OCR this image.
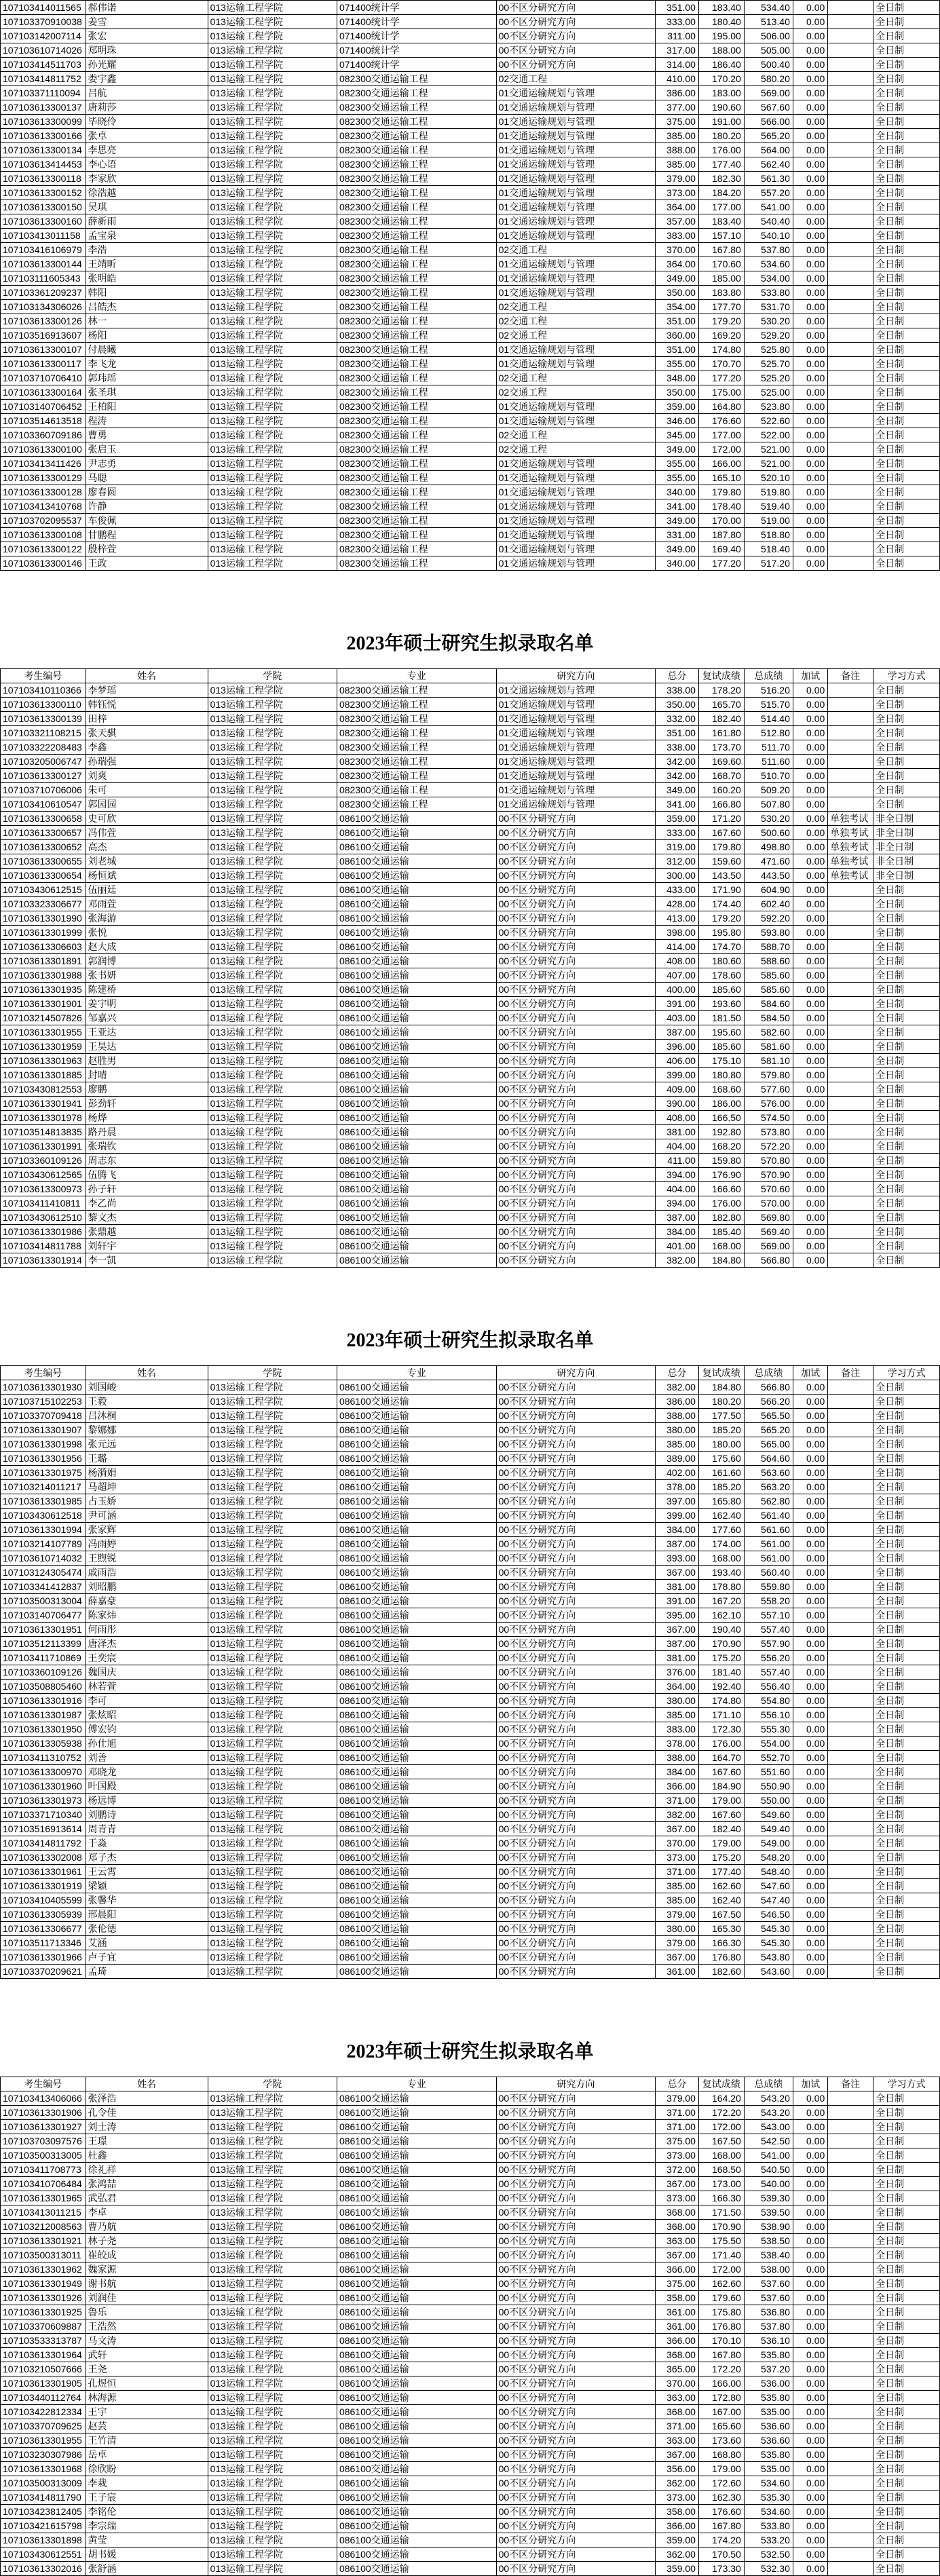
107103414011565	郝伟诺	013运输工程学院	071400统计学	00不区分研究方向	351.00	183.40	534.40	0.00		全日制
107103370910038	姜雪	013运输工程学院	071400统计学	00不区分研究方向	333.00	180.40	513.40	0.00		全日制
107103142007114	张宏	013运输工程学院	071400统计学	00不区分研究方向	311.00	195.00	506.00	0.00		全日制
107103610714026	郑明珠	013运输工程学院	071400统计学	00不区分研究方向	317.00	188.00	505.00	0.00		全日制
107103414511703	孙光耀	013运输工程学院	071400统计学	00不区分研究方向	314.00	186.40	500.40	0.00		全日制
107103414811752	娄宇鑫	013运输工程学院	082300交通运输工程	02交通工程	410.00	170.20	580.20	0.00		全日制
107103371110094	吕航	013运输工程学院	082300交通运输工程	01交通运输规划与管理	386.00	183.00	569.00	0.00		全日制
107103613300137	唐莉莎	013运输工程学院	082300交通运输工程	01交通运输规划与管理	377.00	190.60	567.60	0.00		全日制
107103613300099	毕晓伶	013运输工程学院	082300交通运输工程	01交通运输规划与管理	375.00	191.00	566.00	0.00		全日制
107103613300166	张卓	013运输工程学院	082300交通运输工程	01交通运输规划与管理	385.00	180.20	565.20	0.00		全日制
107103613300134	李思亮	013运输工程学院	082300交通运输工程	01交通运输规划与管理	388.00	176.00	564.00	0.00		全日制
107103613414453	李心语	013运输工程学院	082300交通运输工程	01交通运输规划与管理	385.00	177.40	562.40	0.00		全日制
107103613300118	李家欣	013运输工程学院	082300交通运输工程	01交通运输规划与管理	379.00	182.30	561.30	0.00		全日制
107103613300152	徐浩越	013运输工程学院	082300交通运输工程	01交通运输规划与管理	373.00	184.20	557.20	0.00		全日制
107103613300150	吴琪	013运输工程学院	082300交通运输工程	01交通运输规划与管理	364.00	177.00	541.00	0.00		全日制
107103613300160	薛新雨	013运输工程学院	082300交通运输工程	01交通运输规划与管理	357.00	183.40	540.40	0.00		全日制
107103413011158	孟宝泉	013运输工程学院	082300交通运输工程	01交通运输规划与管理	383.00	157.10	540.10	0.00		全日制
107103416106979	李浩	013运输工程学院	082300交通运输工程	02交通工程	370.00	167.80	537.80	0.00		全日制
107103613300144	王靖昕	013运输工程学院	082300交通运输工程	01交通运输规划与管理	364.00	170.60	534.60	0.00		全日制
107103111605343	张明皓	013运输工程学院	082300交通运输工程	01交通运输规划与管理	349.00	185.00	534.00	0.00		全日制
107103361209237	韩阳	013运输工程学院	082300交通运输工程	01交通运输规划与管理	350.00	183.80	533.80	0.00		全日制
107103134306026	吕皓杰	013运输工程学院	082300交通运输工程	02交通工程	354.00	177.70	531.70	0.00		全日制
107103613300126	林一	013运输工程学院	082300交通运输工程	02交通工程	351.00	179.20	530.20	0.00		全日制
107103516913607	杨阳	013运输工程学院	082300交通运输工程	02交通工程	360.00	169.20	529.20	0.00		全日制
107103613300107	付晨曦	013运输工程学院	082300交通运输工程	01交通运输规划与管理	351.00	174.80	525.80	0.00		全日制
107103613300117	李飞龙	013运输工程学院	082300交通运输工程	01交通运输规划与管理	355.00	170.70	525.70	0.00		全日制
107103710706410	郭玮瑶	013运输工程学院	082300交通运输工程	02交通工程	348.00	177.20	525.20	0.00		全日制
107103613300164	张圣琪	013运输工程学院	082300交通运输工程	02交通工程	350.00	175.00	525.00	0.00		全日制
107103140706452	王柏阳	013运输工程学院	082300交通运输工程	01交通运输规划与管理	359.00	164.80	523.80	0.00		全日制
107103514613518	程涛	013运输工程学院	082300交通运输工程	01交通运输规划与管理	346.00	176.60	522.60	0.00		全日制
107103360709186	曹勇	013运输工程学院	082300交通运输工程	02交通工程	345.00	177.00	522.00	0.00		全日制
107103613300100	张启玉	013运输工程学院	082300交通运输工程	02交通工程	349.00	172.00	521.00	0.00		全日制
107103413411426	尹志勇	013运输工程学院	082300交通运输工程	01交通运输规划与管理	355.00	166.00	521.00	0.00		全日制
107103613300129	马聪	013运输工程学院	082300交通运输工程	01交通运输规划与管理	355.00	165.10	520.10	0.00		全日制
107103613300128	廖春圆	013运输工程学院	082300交通运输工程	01交通运输规划与管理	340.00	179.80	519.80	0.00		全日制
107103413410768	许静	013运输工程学院	082300交通运输工程	01交通运输规划与管理	341.00	178.40	519.40	0.00		全日制
107103702095537	车俊佩	013运输工程学院	082300交通运输工程	01交通运输规划与管理	349.00	170.00	519.00	0.00		全日制
107103613300108	甘鹏程	013运输工程学院	082300交通运输工程	01交通运输规划与管理	331.00	187.80	518.80	0.00		全日制
107103613300122	殷梓萱	013运输工程学院	082300交通运输工程	01交通运输规划与管理	349.00	169.40	518.40	0.00		全日制
107103613300146	王政	013运输工程学院	082300交通运输工程	01交通运输规划与管理	340.00	177.20	517.20	0.00		全日制
2023年硕士研究生拟录取名单
考生编号	姓名	学院	专业	研究方向	总分	复试成绩	总成绩	加试	备注	学习方式
107103410110366	李梦瑶	013运输工程学院	082300交通运输工程	01交通运输规划与管理	338.00	178.20	516.20	0.00		全日制
107103613300110	韩钰悦	013运输工程学院	082300交通运输工程	01交通运输规划与管理	350.00	165.70	515.70	0.00		全日制
107103613300139	田梓	013运输工程学院	082300交通运输工程	01交通运输规划与管理	332.00	182.40	514.40	0.00		全日制
107103321108215	张天骐	013运输工程学院	082300交通运输工程	01交通运输规划与管理	351.00	161.80	512.80	0.00		全日制
107103322208483	李鑫	013运输工程学院	082300交通运输工程	01交通运输规划与管理	338.00	173.70	511.70	0.00		全日制
107103205006747	孙瑞强	013运输工程学院	082300交通运输工程	01交通运输规划与管理	342.00	169.60	511.60	0.00		全日制
107103613300127	刘爽	013运输工程学院	082300交通运输工程	01交通运输规划与管理	342.00	168.70	510.70	0.00		全日制
107103710706006	朱可	013运输工程学院	082300交通运输工程	01交通运输规划与管理	349.00	160.20	509.20	0.00		全日制
107103410610547	郭园园	013运输工程学院	082300交通运输工程	01交通运输规划与管理	341.00	166.80	507.80	0.00		全日制
107103613300658	史可欣	013运输工程学院	086100交通运输	00不区分研究方向	359.00	171.20	530.20	0.00	单独考试	非全日制
107103613300657	冯伟萱	013运输工程学院	086100交通运输	00不区分研究方向	333.00	167.60	500.60	0.00	单独考试	非全日制
107103613300652	高杰	013运输工程学院	086100交通运输	00不区分研究方向	319.00	179.80	498.80	0.00	单独考试	非全日制
107103613300655	刘老城	013运输工程学院	086100交通运输	00不区分研究方向	312.00	159.60	471.60	0.00	单独考试	非全日制
107103613300654	杨恒斌	013运输工程学院	086100交通运输	00不区分研究方向	300.00	143.50	443.50	0.00	单独考试	非全日制
107103430612515	伍丽廷	013运输工程学院	086100交通运输	00不区分研究方向	433.00	171.90	604.90	0.00		全日制
107103323306677	邓雨萱	013运输工程学院	086100交通运输	00不区分研究方向	428.00	174.40	602.40	0.00		全日制
107103613301990	张海游	013运输工程学院	086100交通运输	00不区分研究方向	413.00	179.20	592.20	0.00		全日制
107103613301999	张悦	013运输工程学院	086100交通运输	00不区分研究方向	398.00	195.80	593.80	0.00		全日制
107103613306603	赵大成	013运输工程学院	086100交通运输	00不区分研究方向	414.00	174.70	588.70	0.00		全日制
107103613301891	郭润博	013运输工程学院	086100交通运输	00不区分研究方向	408.00	180.60	588.60	0.00		全日制
107103613301988	张书妍	013运输工程学院	086100交通运输	00不区分研究方向	407.00	178.60	585.60	0.00		全日制
107103613301935	陈建桥	013运输工程学院	086100交通运输	00不区分研究方向	400.00	185.60	585.60	0.00		全日制
107103613301901	姜宇明	013运输工程学院	086100交通运输	00不区分研究方向	391.00	193.60	584.60	0.00		全日制
107103214507826	邹嘉兴	013运输工程学院	086100交通运输	00不区分研究方向	403.00	181.50	584.50	0.00		全日制
107103613301955	王亚达	013运输工程学院	086100交通运输	00不区分研究方向	387.00	195.60	582.60	0.00		全日制
107103613301959	王昊达	013运输工程学院	086100交通运输	00不区分研究方向	396.00	185.60	581.60	0.00		全日制
107103613301963	赵胜男	013运输工程学院	086100交通运输	00不区分研究方向	406.00	175.10	581.10	0.00		全日制
107103613301885	封晴	013运输工程学院	086100交通运输	00不区分研究方向	399.00	180.80	579.80	0.00		全日制
107103430812553	廖鹏	013运输工程学院	086100交通运输	00不区分研究方向	409.00	168.60	577.60	0.00		全日制
107103613301941	彭劲轩	013运输工程学院	086100交通运输	00不区分研究方向	390.00	186.00	576.00	0.00		全日制
107103613301978	杨烨	013运输工程学院	086100交通运输	00不区分研究方向	408.00	166.50	574.50	0.00		全日制
107103514813835	路丹晨	013运输工程学院	086100交通运输	00不区分研究方向	381.00	192.80	573.80	0.00		全日制
107103613301991	张瑞钦	013运输工程学院	086100交通运输	00不区分研究方向	404.00	168.20	572.20	0.00		全日制
107103360109126	周志东	013运输工程学院	086100交通运输	00不区分研究方向	411.00	159.80	570.80	0.00		全日制
107103430612565	伍腾飞	013运输工程学院	086100交通运输	00不区分研究方向	394.00	176.90	570.90	0.00		全日制
107103613300973	孙子轩	013运输工程学院	086100交通运输	00不区分研究方向	404.00	166.60	570.60	0.00		全日制
107103411410811	李乙尚	013运输工程学院	086100交通运输	00不区分研究方向	394.00	176.00	570.00	0.00		全日制
107103430612510	黎文杰	013运输工程学院	086100交通运输	00不区分研究方向	387.00	182.80	569.80	0.00		全日制
107103613301986	张鼎越	013运输工程学院	086100交通运输	00不区分研究方向	384.00	185.40	569.40	0.00		全日制
107103414811788	刘轩宇	013运输工程学院	086100交通运输	00不区分研究方向	401.00	168.00	569.00	0.00		全日制
107103613301914	李一凯	013运输工程学院	086100交通运输	00不区分研究方向	382.00	184.80	566.80	0.00		全日制
2023年硕士研究生拟录取名单
考生编号	姓名	学院	专业	研究方向	总分	复试成绩	总成绩	加试	备注	学习方式
107103613301930	刘国峻	013运输工程学院	086100交通运输	00不区分研究方向	382.00	184.80	566.80	0.00		全日制
107103715102253	王毅	013运输工程学院	086100交通运输	00不区分研究方向	386.00	180.20	566.20	0.00		全日制
107103370709418	吕沐桐	013运输工程学院	086100交通运输	00不区分研究方向	388.00	177.50	565.50	0.00		全日制
107103613301907	黎娜娜	013运输工程学院	086100交通运输	00不区分研究方向	380.00	185.20	565.20	0.00		全日制
107103613301998	张元远	013运输工程学院	086100交通运输	00不区分研究方向	385.00	180.00	565.00	0.00		全日制
107103613301956	王璐	013运输工程学院	086100交通运输	00不区分研究方向	389.00	175.60	564.60	0.00		全日制
107103613301975	杨漪娟	013运输工程学院	086100交通运输	00不区分研究方向	402.00	161.60	563.60	0.00		全日制
107103214011217	马超坤	013运输工程学院	086100交通运输	00不区分研究方向	378.00	185.20	563.20	0.00		全日制
107103613301985	占玉娇	013运输工程学院	086100交通运输	00不区分研究方向	397.00	165.80	562.80	0.00		全日制
107103430612518	尹可涵	013运输工程学院	086100交通运输	00不区分研究方向	399.00	162.40	561.40	0.00		全日制
107103613301994	张家辉	013运输工程学院	086100交通运输	00不区分研究方向	384.00	177.60	561.60	0.00		全日制
107103214107789	冯雨婷	013运输工程学院	086100交通运输	00不区分研究方向	387.00	174.00	561.00	0.00		全日制
107103610714032	王煦锐	013运输工程学院	086100交通运输	00不区分研究方向	393.00	168.00	561.00	0.00		全日制
107103124305474	戚雨浩	013运输工程学院	086100交通运输	00不区分研究方向	367.00	193.40	560.40	0.00		全日制
107103341412837	刘昭鹏	013运输工程学院	086100交通运输	00不区分研究方向	381.00	178.80	559.80	0.00		全日制
107103500313004	薛嘉豪	013运输工程学院	086100交通运输	00不区分研究方向	391.00	167.20	558.20	0.00		全日制
107103140706477	陈家炜	013运输工程学院	086100交通运输	00不区分研究方向	395.00	162.10	557.10	0.00		全日制
107103613301951	何雨彤	013运输工程学院	086100交通运输	00不区分研究方向	367.00	190.40	557.40	0.00		全日制
107103512113399	唐泽杰	013运输工程学院	086100交通运输	00不区分研究方向	387.00	170.90	557.90	0.00		全日制
107103411710869	王奕宸	013运输工程学院	086100交通运输	00不区分研究方向	381.00	175.20	556.20	0.00		全日制
107103360109126	魏国庆	013运输工程学院	086100交通运输	00不区分研究方向	376.00	181.40	557.40	0.00		全日制
107103508805460	林若萱	013运输工程学院	086100交通运输	00不区分研究方向	364.00	192.40	556.40	0.00		全日制
107103613301916	李可	013运输工程学院	086100交通运输	00不区分研究方向	380.00	174.80	554.80	0.00		全日制
107103613301987	张炫昭	013运输工程学院	086100交通运输	00不区分研究方向	385.00	171.10	556.10	0.00		全日制
107103613301950	傅宏钧	013运输工程学院	086100交通运输	00不区分研究方向	383.00	172.30	555.30	0.00		全日制
107103613305938	孙仕旭	013运输工程学院	086100交通运输	00不区分研究方向	378.00	176.00	554.00	0.00		全日制
107103411310752	刘善	013运输工程学院	086100交通运输	00不区分研究方向	388.00	164.70	552.70	0.00		全日制
107103613300970	邓晓龙	013运输工程学院	086100交通运输	00不区分研究方向	384.00	167.60	551.60	0.00		全日制
107103613301960	叶国殿	013运输工程学院	086100交通运输	00不区分研究方向	366.00	184.90	550.90	0.00		全日制
107103613301973	杨远博	013运输工程学院	086100交通运输	00不区分研究方向	371.00	179.00	550.00	0.00		全日制
107103371710340	刘鹏诗	013运输工程学院	086100交通运输	00不区分研究方向	382.00	167.60	549.60	0.00		全日制
107103516913614	周青青	013运输工程学院	086100交通运输	00不区分研究方向	367.00	182.40	549.40	0.00		全日制
107103414811792	于淼	013运输工程学院	086100交通运输	00不区分研究方向	370.00	179.00	549.00	0.00		全日制
107103613302008	郑子杰	013运输工程学院	086100交通运输	00不区分研究方向	373.00	175.20	548.20	0.00		全日制
107103613301961	王云霄	013运输工程学院	086100交通运输	00不区分研究方向	371.00	177.40	548.40	0.00		全日制
107103613301919	梁颖	013运输工程学院	086100交通运输	00不区分研究方向	385.00	162.60	547.60	0.00		全日制
107103410405599	张馨华	013运输工程学院	086100交通运输	00不区分研究方向	385.00	162.40	547.40	0.00		全日制
107103613305939	邢晨阳	013运输工程学院	086100交通运输	00不区分研究方向	379.00	167.50	546.50	0.00		全日制
107103613306677	张伦德	013运输工程学院	086100交通运输	00不区分研究方向	380.00	165.30	545.30	0.00		全日制
107103511713346	艾涵	013运输工程学院	086100交通运输	00不区分研究方向	379.00	166.30	545.30	0.00		全日制
107103613301966	卢子宜	013运输工程学院	086100交通运输	00不区分研究方向	367.00	176.80	543.80	0.00		全日制
107103370209621	孟琦	013运输工程学院	086100交通运输	00不区分研究方向	361.00	182.60	543.60	0.00		全日制
2023年硕士研究生拟录取名单
考生编号	姓名	学院	专业	研究方向	总分	复试成绩	总成绩	加试	备注	学习方式
107103413406066	张泽浩	013运输工程学院	086100交通运输	00不区分研究方向	379.00	164.20	543.20	0.00		全日制
107103613301906	孔令佳	013运输工程学院	086100交通运输	00不区分研究方向	371.00	172.20	543.20	0.00		全日制
107103613301927	刘士涛	013运输工程学院	086100交通运输	00不区分研究方向	371.00	172.00	543.00	0.00		全日制
107103703097576	王璟	013运输工程学院	086100交通运输	00不区分研究方向	375.00	167.50	542.50	0.00		全日制
107103500313005	杜鑫	013运输工程学院	086100交通运输	00不区分研究方向	373.00	168.00	541.00	0.00		全日制
107103411708773	徐礼祥	013运输工程学院	086100交通运输	00不区分研究方向	372.00	168.50	540.50	0.00		全日制
107103410706484	张鸿喆	013运输工程学院	086100交通运输	00不区分研究方向	367.00	173.00	540.00	0.00		全日制
107103613301965	武弘君	013运输工程学院	086100交通运输	00不区分研究方向	373.00	166.30	539.30	0.00		全日制
107103413011215	李卓	013运输工程学院	086100交通运输	00不区分研究方向	368.00	171.50	539.50	0.00		全日制
107103212008563	曹乃航	013运输工程学院	086100交通运输	00不区分研究方向	368.00	170.90	538.90	0.00		全日制
107103613301921	林子尧	013运输工程学院	086100交通运输	00不区分研究方向	363.00	175.50	538.50	0.00		全日制
107103500313011	崔皎成	013运输工程学院	086100交通运输	00不区分研究方向	367.00	171.40	538.40	0.00		全日制
107103613301962	魏家源	013运输工程学院	086100交通运输	00不区分研究方向	366.00	172.00	538.00	0.00		全日制
107103613301949	谢书航	013运输工程学院	086100交通运输	00不区分研究方向	375.00	162.60	537.60	0.00		全日制
107103613301926	刘润佳	013运输工程学院	086100交通运输	00不区分研究方向	358.00	179.60	537.60	0.00		全日制
107103613301925	鲁乐	013运输工程学院	086100交通运输	00不区分研究方向	361.00	175.80	536.80	0.00		全日制
107103370609887	王浩然	013运输工程学院	086100交通运输	00不区分研究方向	361.00	176.80	537.80	0.00		全日制
107103533313787	马文涛	013运输工程学院	086100交通运输	00不区分研究方向	366.00	170.10	536.10	0.00		全日制
107103613301964	武轩	013运输工程学院	086100交通运输	00不区分研究方向	368.00	167.80	535.80	0.00		全日制
107103210507666	王尧	013运输工程学院	086100交通运输	00不区分研究方向	365.00	172.20	537.20	0.00		全日制
107103613301905	孔煜恒	013运输工程学院	086100交通运输	00不区分研究方向	370.00	166.00	536.00	0.00		全日制
107103440112764	林海源	013运输工程学院	086100交通运输	00不区分研究方向	363.00	172.80	535.80	0.00		全日制
107103422812334	王宇	013运输工程学院	086100交通运输	00不区分研究方向	368.00	167.00	535.00	0.00		全日制
107103370709625	赵芸	013运输工程学院	086100交通运输	00不区分研究方向	371.00	165.60	536.60	0.00		全日制
107103613301955	王竹清	013运输工程学院	086100交通运输	00不区分研究方向	363.00	173.60	536.60	0.00		全日制
107103230307986	岳卓	013运输工程学院	086100交通运输	00不区分研究方向	367.00	168.80	535.80	0.00		全日制
107103613301968	徐欣盼	013运输工程学院	086100交通运输	00不区分研究方向	356.00	179.00	535.00	0.00		全日制
107103500313009	李栽	013运输工程学院	086100交通运输	00不区分研究方向	362.00	172.60	534.60	0.00		全日制
107103414811790	王子宸	013运输工程学院	086100交通运输	00不区分研究方向	373.00	162.30	535.30	0.00		全日制
107103423812405	李铭伦	013运输工程学院	086100交通运输	00不区分研究方向	358.00	176.60	534.60	0.00		全日制
107103421615798	李宗瑞	013运输工程学院	086100交通运输	00不区分研究方向	366.00	167.80	533.80	0.00		全日制
107103613301898	黄莹	013运输工程学院	086100交通运输	00不区分研究方向	359.00	174.20	533.20	0.00		全日制
107103430612551	胡书媛	013运输工程学院	086100交通运输	00不区分研究方向	362.00	170.50	532.50	0.00		全日制
107103613302016	张舒涵	013运输工程学院	086100交通运输	00不区分研究方向	359.00	173.30	532.30	0.00		全日制
